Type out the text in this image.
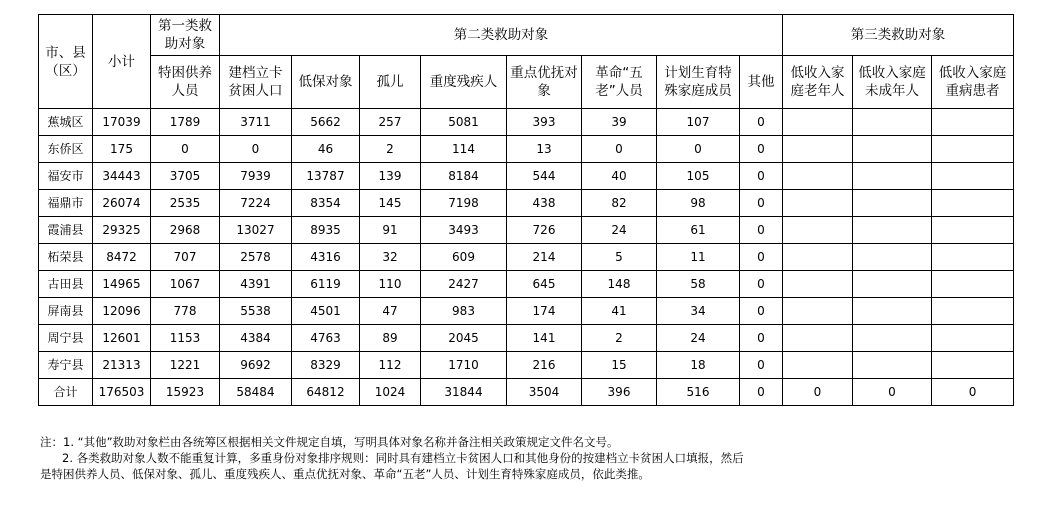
市、县（区）	小计	第一类救助对象	第二类救助对象								第三类救助对象		
		特困供养人员	建档立卡贫困人口	低保对象	孤儿	重度残疾人	重点优抚对象	革命“五老”人员	计划生育特殊家庭成员	其他	低收入家庭老年人	低收入家庭未成年人	低收入家庭重病患者
蕉城区	17039	1789	3711	5662	257	5081	393	39	107	0			
东侨区	175	0	0	46	2	114	13	0	0	0			
福安市	34443	3705	7939	13787	139	8184	544	40	105	0			
福鼎市	26074	2535	7224	8354	145	7198	438	82	98	0			
霞浦县	29325	2968	13027	8935	91	3493	726	24	61	0			
柘荣县	8472	707	2578	4316	32	609	214	5	11	0			
古田县	14965	1067	4391	6119	110	2427	645	148	58	0			
屏南县	12096	778	5538	4501	47	983	174	41	34	0			
周宁县	12601	1153	4384	4763	89	2045	141	2	24	0			
寿宁县	21313	1221	9692	8329	112	1710	216	15	18	0			
合计	176503	15923	58484	64812	1024	31844	3504	396	516	0	0	0	0
注：1. “其他”救助对象栏由各统筹区根据相关文件规定自填，写明具体对象名称并备注相关政策规定文件名文号。
2. 各类救助对象人数不能重复计算，多重身份对象排序规则：同时具有建档立卡贫困人口和其他身份的按建档立卡贫困人口填报，然后
是特困供养人员、低保对象、孤儿、重度残疾人、重点优抚对象、革命“五老”人员、计划生育特殊家庭成员，依此类推。
